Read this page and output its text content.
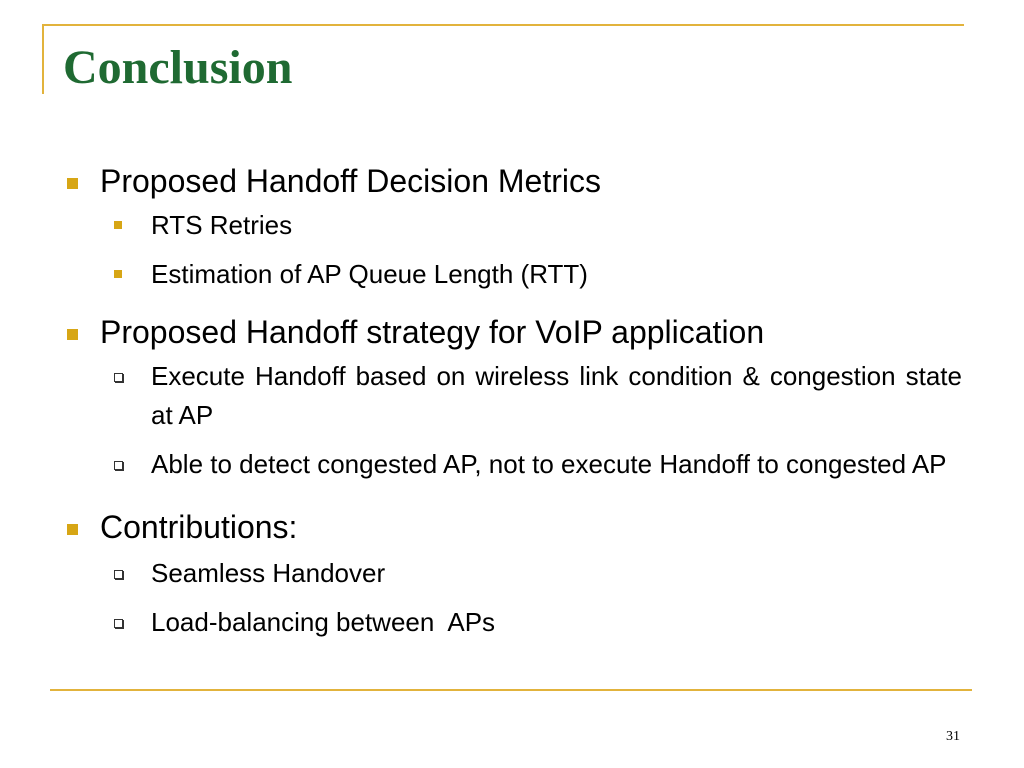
Conclusion
Proposed Handoff Decision Metrics
RTS Retries
Estimation of AP Queue Length (RTT)
Proposed Handoff strategy for VoIP application
Execute Handoff based on wireless link condition & congestion state at AP
Able to detect congested AP, not to execute Handoff to congested AP
Contributions:
Seamless Handover
Load-balancing between  APs
31
